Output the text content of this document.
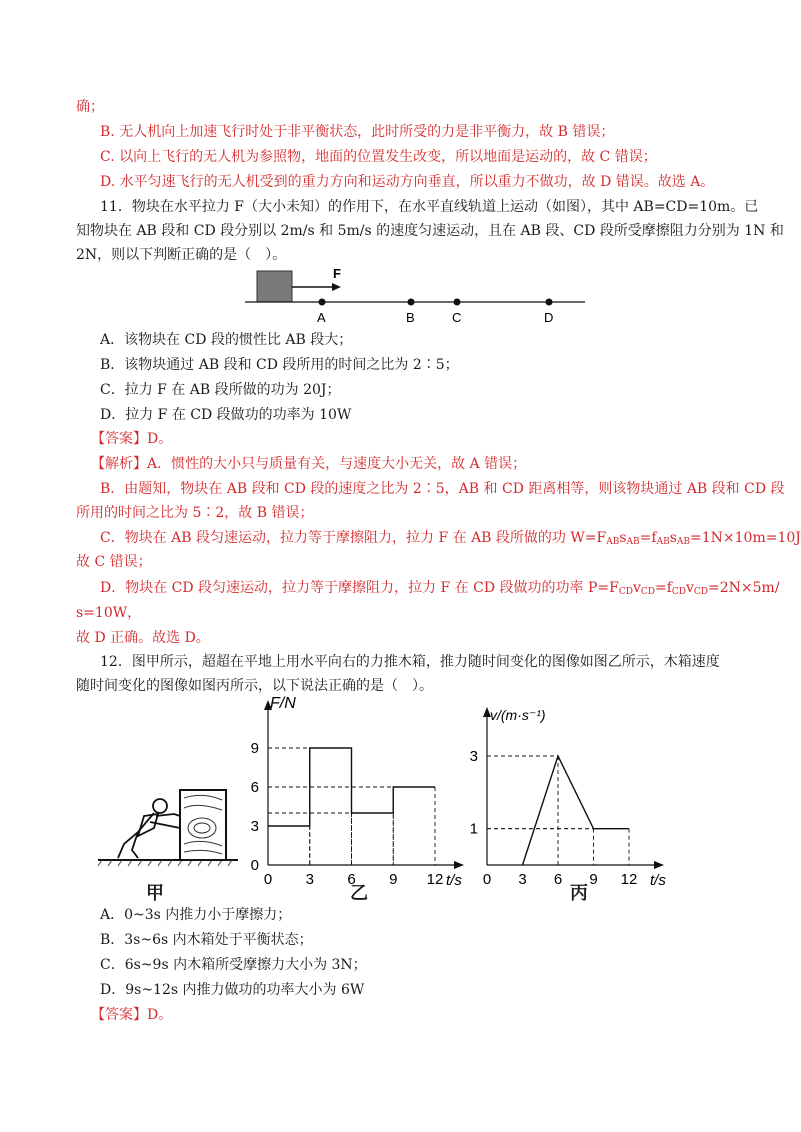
确；
B. 无人机向上加速飞行时处于非平衡状态，此时所受的力是非平衡力，故 B 错误；
C. 以向上飞行的无人机为参照物，地面的位置发生改变，所以地面是运动的，故 C 错误；
D. 水平匀速飞行的无人机受到的重力方向和运动方向垂直，所以重力不做功，故 D 错误。故选 A。
11．物块在水平拉力 F（大小未知）的作用下，在水平直线轨道上运动（如图），其中 AB=CD=10m。已
知物块在 AB 段和 CD 段分别以 2m/s 和 5m/s 的速度匀速运动，且在 AB 段、CD 段所受摩擦阻力分别为 1N 和
2N，则以下判断正确的是（　）。
F
A	B	C	D
A．该物块在 CD 段的惯性比 AB 段大；
B．该物块通过 AB 段和 CD 段所用的时间之比为 2∶5；
C．拉力 F 在 AB 段所做的功为 20J；
D．拉力 F 在 CD 段做功的功率为 10W
【答案】D。
【解析】A．惯性的大小只与质量有关，与速度大小无关，故 A 错误；
B．由题知，物块在 AB 段和 CD 段的速度之比为 2∶5，AB 和 CD 距离相等，则该物块通过 AB 段和 CD 段
所用的时间之比为 5∶2，故 B 错误；
C．物块在 AB 段匀速运动，拉力等于摩擦阻力，拉力 F 在 AB 段所做的功 $W=F_{AB}s_{AB}=f_{AB}s_{AB}=1N\times 10m=10J$
故 C 错误；
D．物块在 CD 段匀速运动，拉力等于摩擦阻力，拉力 F 在 CD 段做功的功率 $P=F_{CD}v_{CD}=f_{CD}v_{CD}=2N\times 5m/$
s=10W，
故 D 正确。故选 D。
12．图甲所示，超超在平地上用水平向右的力推木箱，推力随时间变化的图像如图乙所示，木箱速度
随时间变化的图像如图丙所示，以下说法正确的是（　）。
F/N
t/s
0 3 6 9 12
0
3
6
9
v/(m·s⁻¹)
t/s
0 3 6 9 12
1
3
甲	乙	丙
A．0~3s 内推力小于摩擦力；
B．3s~6s 内木箱处于平衡状态；
C．6s~9s 内木箱所受摩擦力大小为 3N；
D．9s~12s 内推力做功的功率大小为 6W
【答案】D。
